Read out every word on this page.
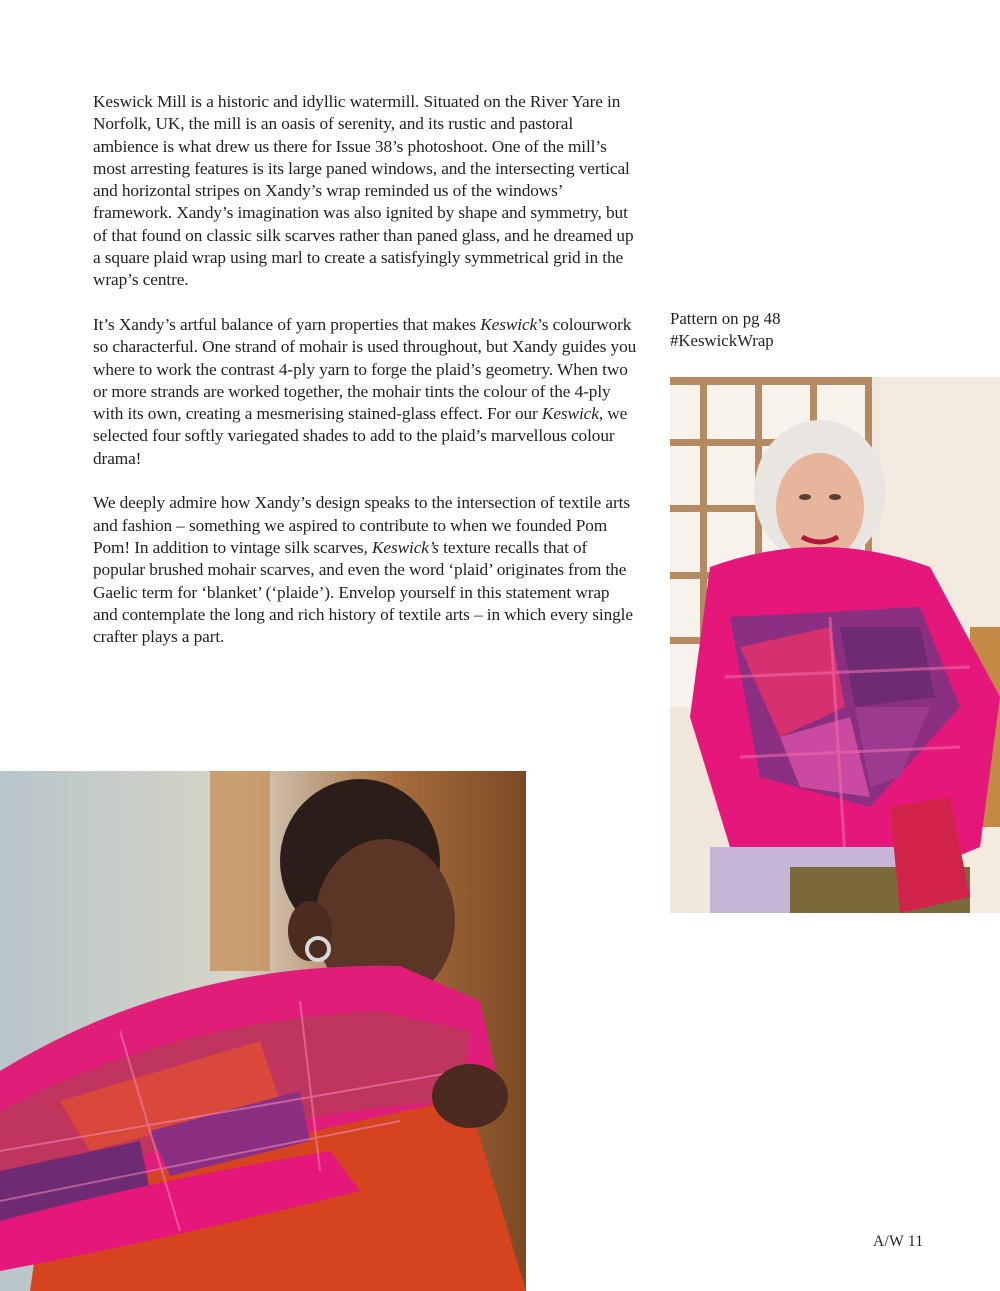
Keswick Mill is a historic and idyllic watermill. Situated on the River Yare in Norfolk, UK, the mill is an oasis of serenity, and its rustic and pastoral ambience is what drew us there for Issue 38’s photoshoot. One of the mill’s most arresting features is its large paned windows, and the intersecting vertical and horizontal stripes on Xandy’s wrap reminded us of the windows’ framework. Xandy’s imagination was also ignited by shape and symmetry, but of that found on classic silk scarves rather than paned glass, and he dreamed up a square plaid wrap using marl to create a satisfyingly symmetrical grid in the wrap’s centre.

It’s Xandy’s artful balance of yarn properties that makes Keswick’s colourwork so characterful. One strand of mohair is used throughout, but Xandy guides you where to work the contrast 4-ply yarn to forge the plaid’s geometry. When two or more strands are worked together, the mohair tints the colour of the 4-ply with its own, creating a mesmerising stained-glass effect. For our Keswick, we selected four softly variegated shades to add to the plaid’s marvellous colour drama!

We deeply admire how Xandy’s design speaks to the intersection of textile arts and fashion – something we aspired to contribute to when we founded Pom Pom! In addition to vintage silk scarves, Keswick’s texture recalls that of popular brushed mohair scarves, and even the word ‘plaid’ originates from the Gaelic term for ‘blanket’ (‘plaide’). Envelop yourself in this statement wrap and contemplate the long and rich history of textile arts – in which every single crafter plays a part.

Pattern on pg 48
#KeswickWrap
A/W 11
